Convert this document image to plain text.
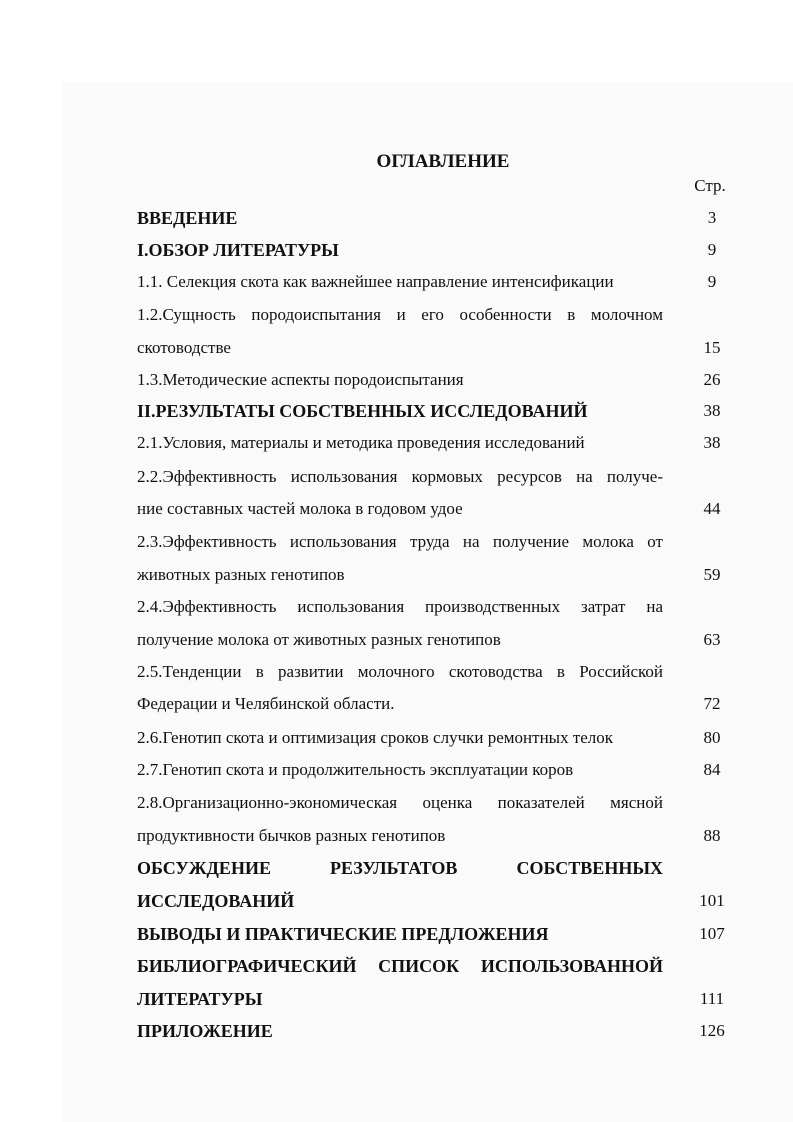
ОГЛАВЛЕНИЕ
Стр.
ВВЕДЕНИЕ	3
I.ОБЗОР ЛИТЕРАТУРЫ	9
1.1. Селекция скота как важнейшее направление интенсификации	9
1.2.Сущность породоиспытания и его особенности в молочном
скотоводстве	15
1.3.Методические аспекты породоиспытания	26
II.РЕЗУЛЬТАТЫ СОБСТВЕННЫХ ИССЛЕДОВАНИЙ	38
2.1.Условия, материалы и методика проведения исследований	38
2.2.Эффективность использования кормовых ресурсов на получе-
ние составных частей молока в годовом удое	44
2.3.Эффективность использования труда на получение молока от
животных разных генотипов	59
2.4.Эффективность использования производственных затрат на
получение молока от животных разных генотипов	63
2.5.Тенденции в развитии молочного скотоводства в Российской
Федерации и Челябинской области.	72
2.6.Генотип скота и оптимизация сроков случки ремонтных телок	80
2.7.Генотип скота и продолжительность эксплуатации коров	84
2.8.Организационно-экономическая оценка показателей мясной
продуктивности бычков разных генотипов	88
ОБСУЖДЕНИЕ РЕЗУЛЬТАТОВ СОБСТВЕННЫХ
ИССЛЕДОВАНИЙ	101
ВЫВОДЫ И ПРАКТИЧЕСКИЕ ПРЕДЛОЖЕНИЯ	107
БИБЛИОГРАФИЧЕСКИЙ СПИСОК ИСПОЛЬЗОВАННОЙ
ЛИТЕРАТУРЫ	111
ПРИЛОЖЕНИЕ	126
